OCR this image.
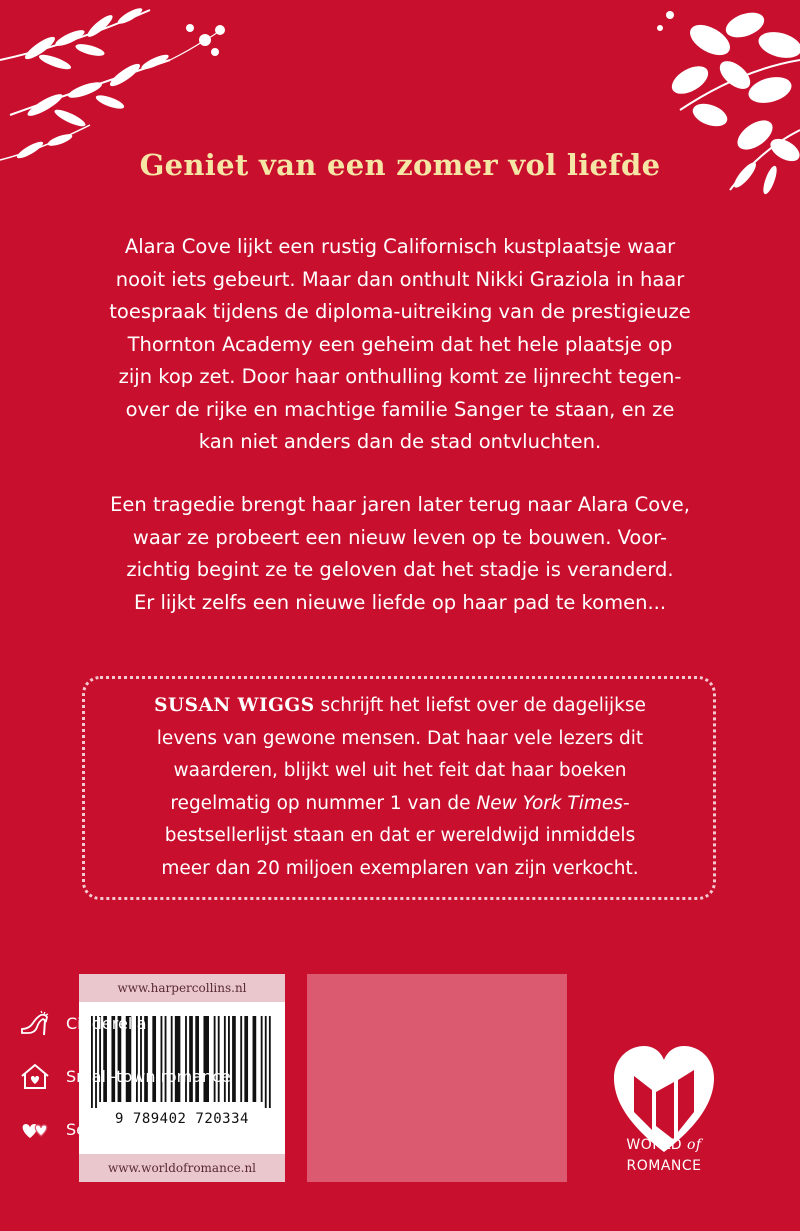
Geniet van een zomer vol liefde

Alara Cove lijkt een rustig Californisch kustplaatsje waar
nooit iets gebeurt. Maar dan onthult Nikki Graziola in haar
toespraak tijdens de diploma-uitreiking van de prestigieuze
Thornton Academy een geheim dat het hele plaatsje op
zijn kop zet. Door haar onthulling komt ze lijnrecht tegen-
over de rijke en machtige familie Sanger te staan, en ze
kan niet anders dan de stad ontvluchten.

Een tragedie brengt haar jaren later terug naar Alara Cove,
waar ze probeert een nieuw leven op te bouwen. Voor-
zichtig begint ze te geloven dat het stadje is veranderd.
Er lijkt zelfs een nieuwe liefde op haar pad te komen...

SUSAN WIGGS schrijft het liefst over de dagelijkse
levens van gewone mensen. Dat haar vele lezers dit
waarderen, blijkt wel uit het feit dat haar boeken
regelmatig op nummer 1 van de New York Times-
bestsellerlijst staan en dat er wereldwijd inmiddels
meer dan 20 miljoen exemplaren van zijn verkocht.

www.harpercollins.nl
9 789402 720334
www.worldofromance.nl
Cinderella
Small-town romance
Second chance
WORLD of
ROMANCE
